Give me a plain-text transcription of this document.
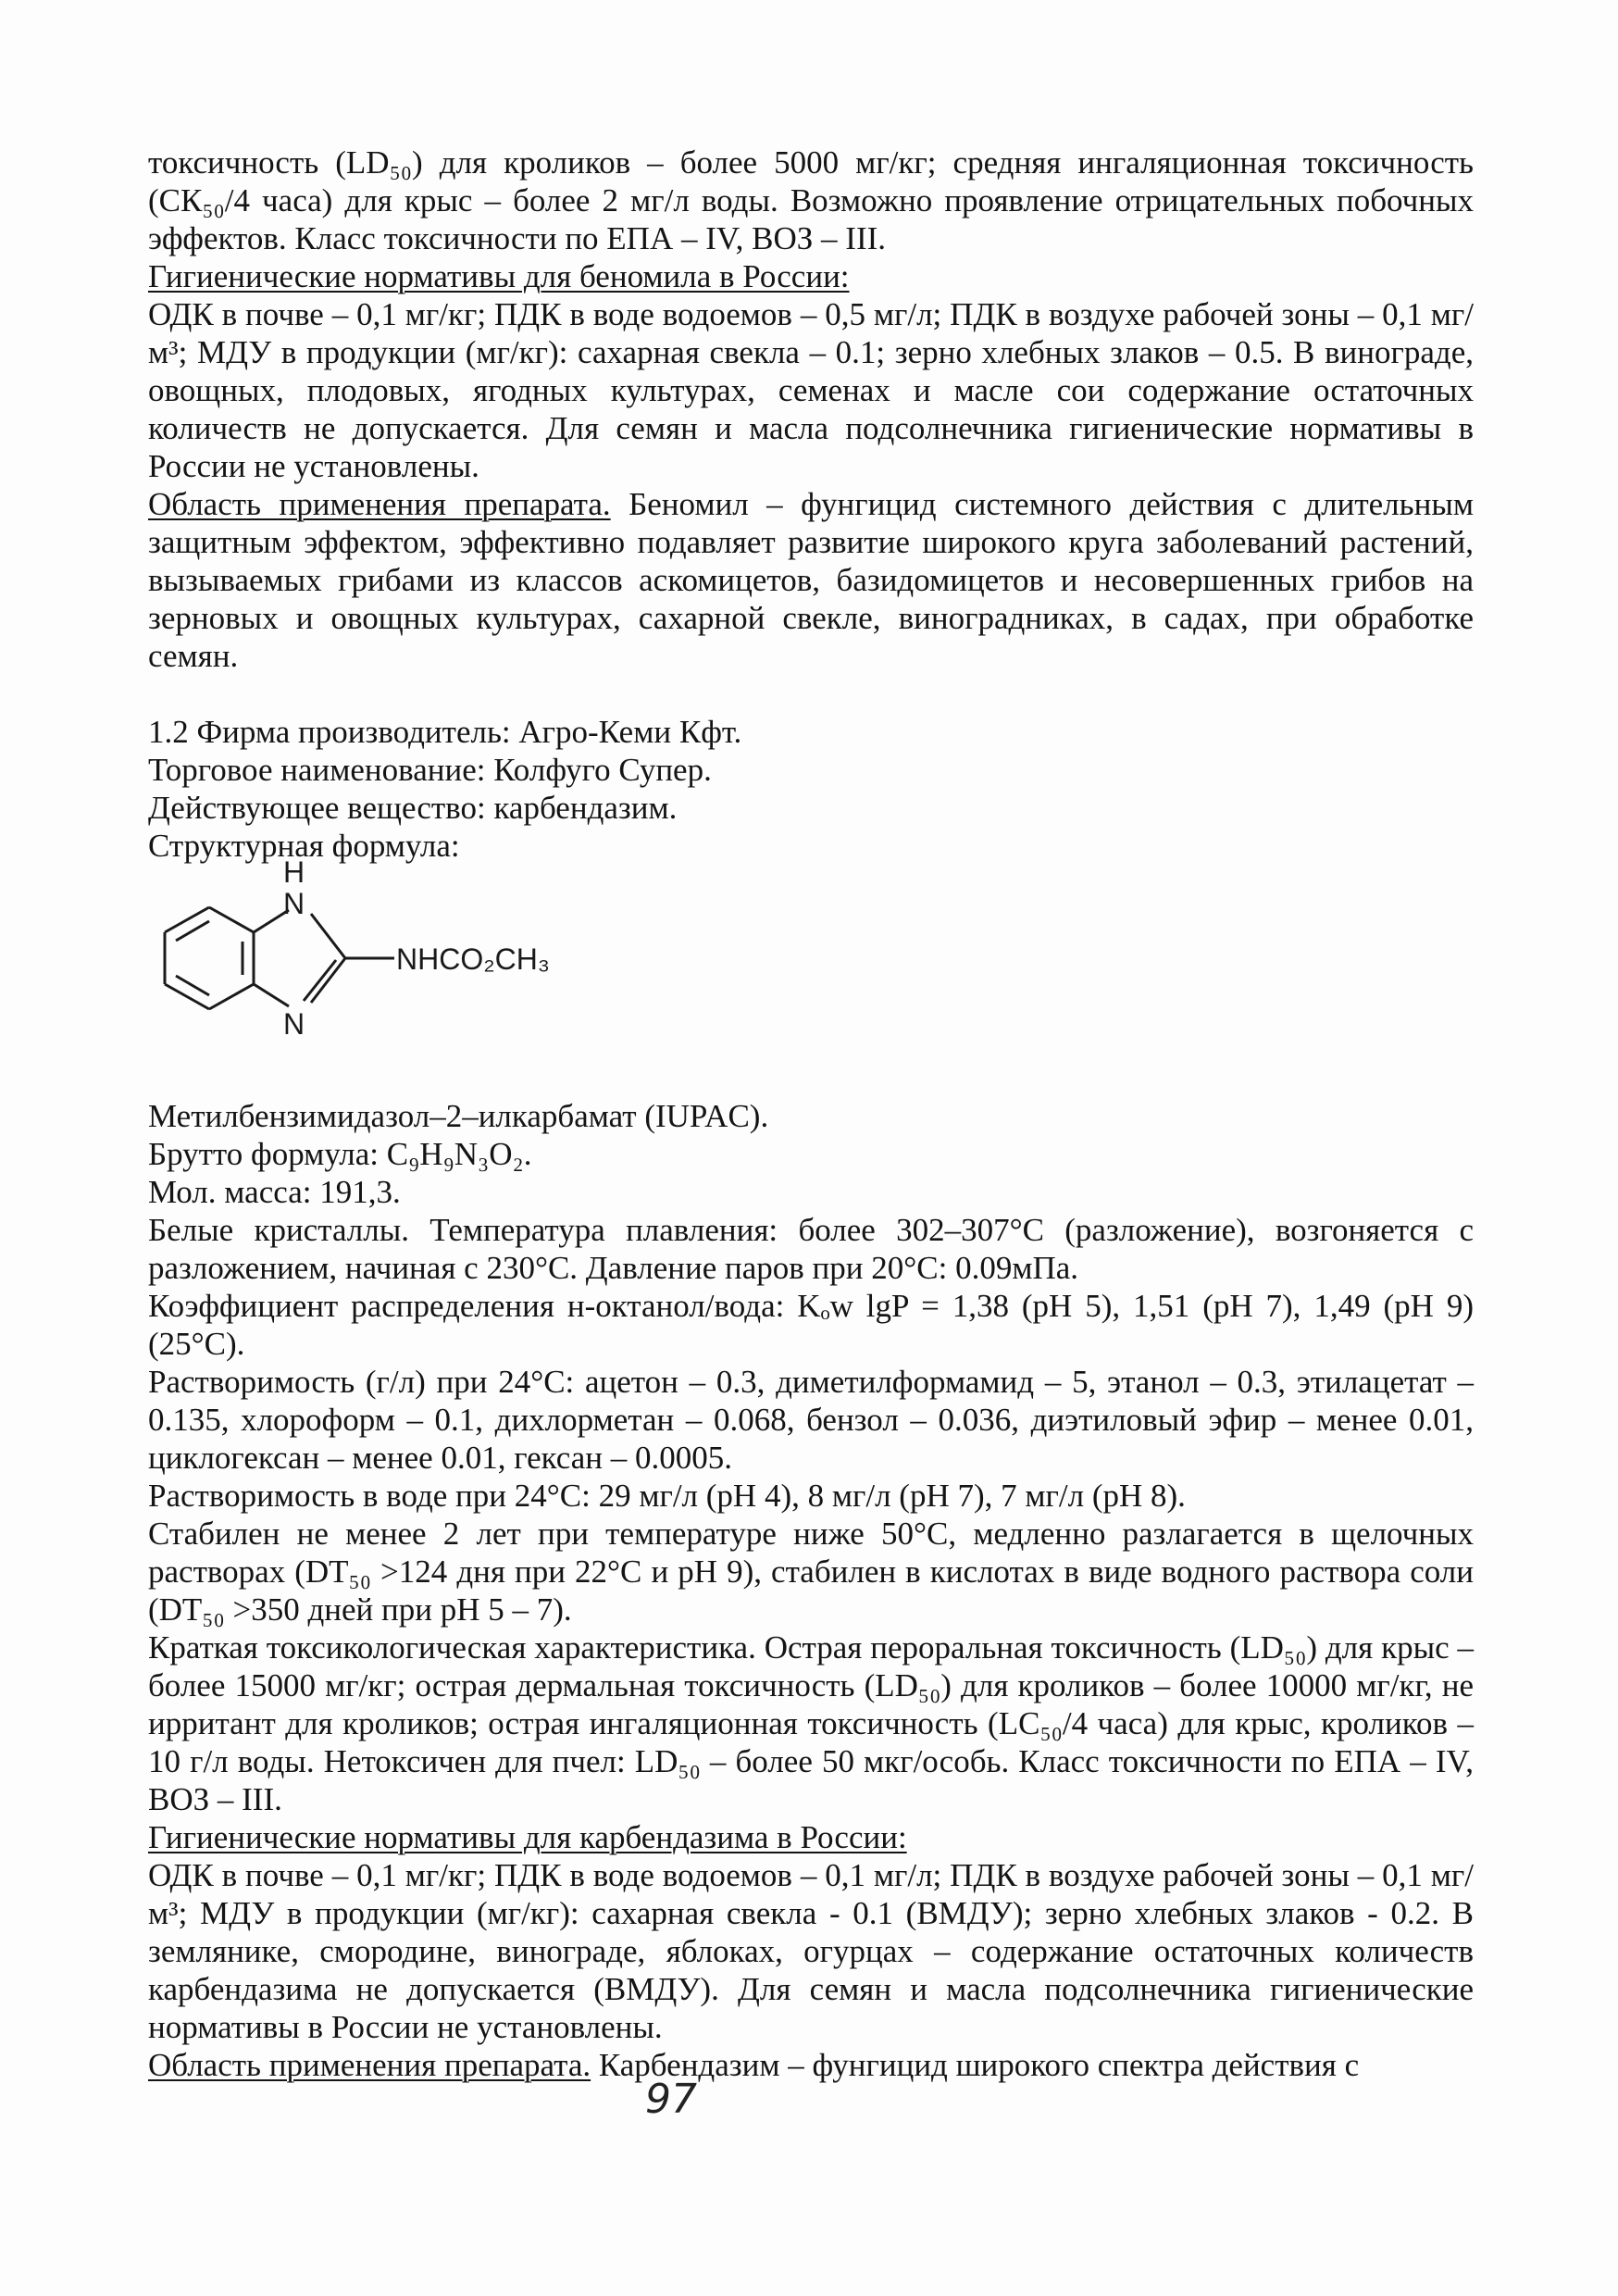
токсичность (LD₅₀) для кроликов – более 5000 мг/кг; средняя ингаляционная токсичность (СК₅₀/4 часа) для крыс – более 2 мг/л воды. Возможно проявление отрицательных побочных эффектов. Класс токсичности по ЕПА – IV, ВОЗ – III.

Гигиенические нормативы для беномила в России:

ОДК в почве – 0,1 мг/кг; ПДК в воде водоемов – 0,5 мг/л; ПДК в воздухе рабочей зоны – 0,1 мг/м³; МДУ в продукции (мг/кг): сахарная свекла – 0.1; зерно хлебных злаков – 0.5. В винограде, овощных, плодовых, ягодных культурах, семенах и масле сои содержание остаточных количеств не допускается. Для семян и масла подсолнечника гигиенические нормативы в России не установлены.

Область применения препарата. Беномил – фунгицид системного действия с длительным защитным эффектом, эффективно подавляет развитие широкого круга заболеваний растений, вызываемых грибами из классов аскомицетов, базидомицетов и несовершенных грибов на зерновых и овощных культурах, сахарной свекле, виноградниках, в садах, при обработке семян.

1.2 Фирма производитель: Агро-Кеми Кфт.

Торговое наименование: Колфуго Супер.

Действующее вещество: карбендазим.

Структурная формула:

H
N
N
NHCO₂CH₃

Метилбензимидазол–2–илкарбамат (IUPAC).

Брутто формула: C₉H₉N₃O₂.

Мол. масса: 191,3.

Белые кристаллы. Температура плавления: более 302–307°C (разложение), возгоняется с разложением, начиная с 230°C. Давление паров при 20°C: 0.09мПа.

Коэффициент распределения н-октанол/вода: Kₒw lgP = 1,38 (pH 5), 1,51 (pH 7), 1,49 (pH 9) (25°C).

Растворимость (г/л) при 24°C: ацетон – 0.3, диметилформамид – 5, этанол – 0.3, этилацетат – 0.135, хлороформ – 0.1, дихлорметан – 0.068, бензол – 0.036, диэтиловый эфир – менее 0.01, циклогексан – менее 0.01, гексан – 0.0005.

Растворимость в воде при 24°C: 29 мг/л (pH 4), 8 мг/л (pH 7), 7 мг/л (pH 8).

Стабилен не менее 2 лет при температуре ниже 50°C, медленно разлагается в щелочных растворах (DT₅₀ >124 дня при 22°C и pH 9), стабилен в кислотах в виде водного раствора соли (DT₅₀ >350 дней при pH 5 – 7).

Краткая токсикологическая характеристика. Острая пероральная токсичность (LD₅₀) для крыс – более 15000 мг/кг; острая дермальная токсичность (LD₅₀) для кроликов – более 10000 мг/кг, не ирритант для кроликов; острая ингаляционная токсичность (LC₅₀/4 часа) для крыс, кроликов –10 г/л воды. Нетоксичен для пчел: LD₅₀ – более 50 мкг/особь. Класс токсичности по ЕПА – IV, ВОЗ – III.

Гигиенические нормативы для карбендазима в России:

ОДК в почве – 0,1 мг/кг; ПДК в воде водоемов – 0,1 мг/л; ПДК в воздухе рабочей зоны – 0,1 мг/м³; МДУ в продукции (мг/кг): сахарная свекла - 0.1 (ВМДУ); зерно хлебных злаков - 0.2. В землянике, смородине, винограде, яблоках, огурцах – содержание остаточных количеств карбендазима не допускается (ВМДУ). Для семян и масла подсолнечника гигиенические нормативы в России не установлены.

Область применения препарата. Карбендазим – фунгицид широкого спектра действия с

97
